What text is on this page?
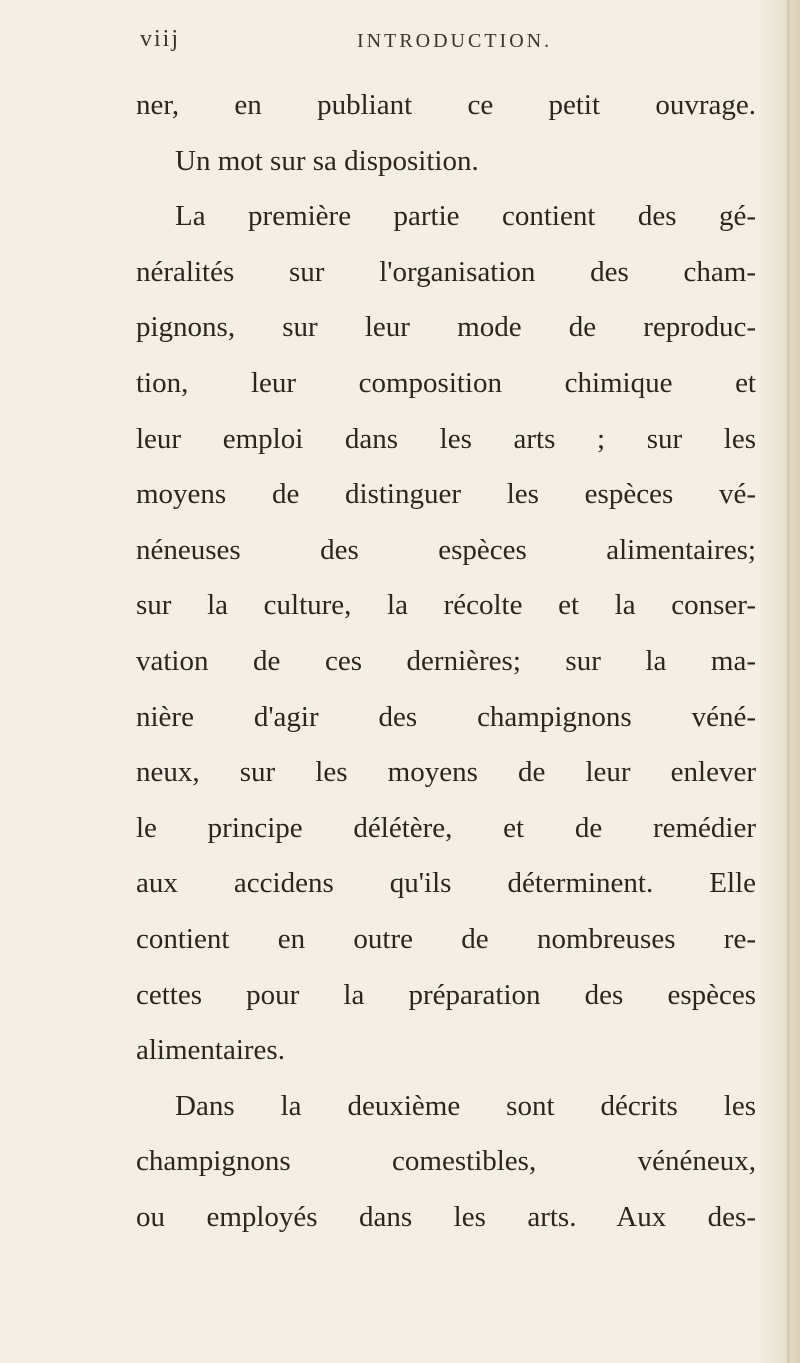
viij	INTRODUCTION.
ner, en publiant ce petit ouvrage.
Un mot sur sa disposition.
La première partie contient des gé-
néralités sur l'organisation des cham-
pignons, sur leur mode de reproduc-
tion, leur composition chimique et
leur emploi dans les arts ; sur les
moyens de distinguer les espèces vé-
néneuses des espèces alimentaires;
sur la culture, la récolte et la conser-
vation de ces dernières; sur la ma-
nière d'agir des champignons véné-
neux, sur les moyens de leur enlever
le principe délétère, et de remédier
aux accidens qu'ils déterminent. Elle
contient en outre de nombreuses re-
cettes pour la préparation des espèces
alimentaires.
Dans la deuxième sont décrits les
champignons comestibles, vénéneux,
ou employés dans les arts. Aux des-
